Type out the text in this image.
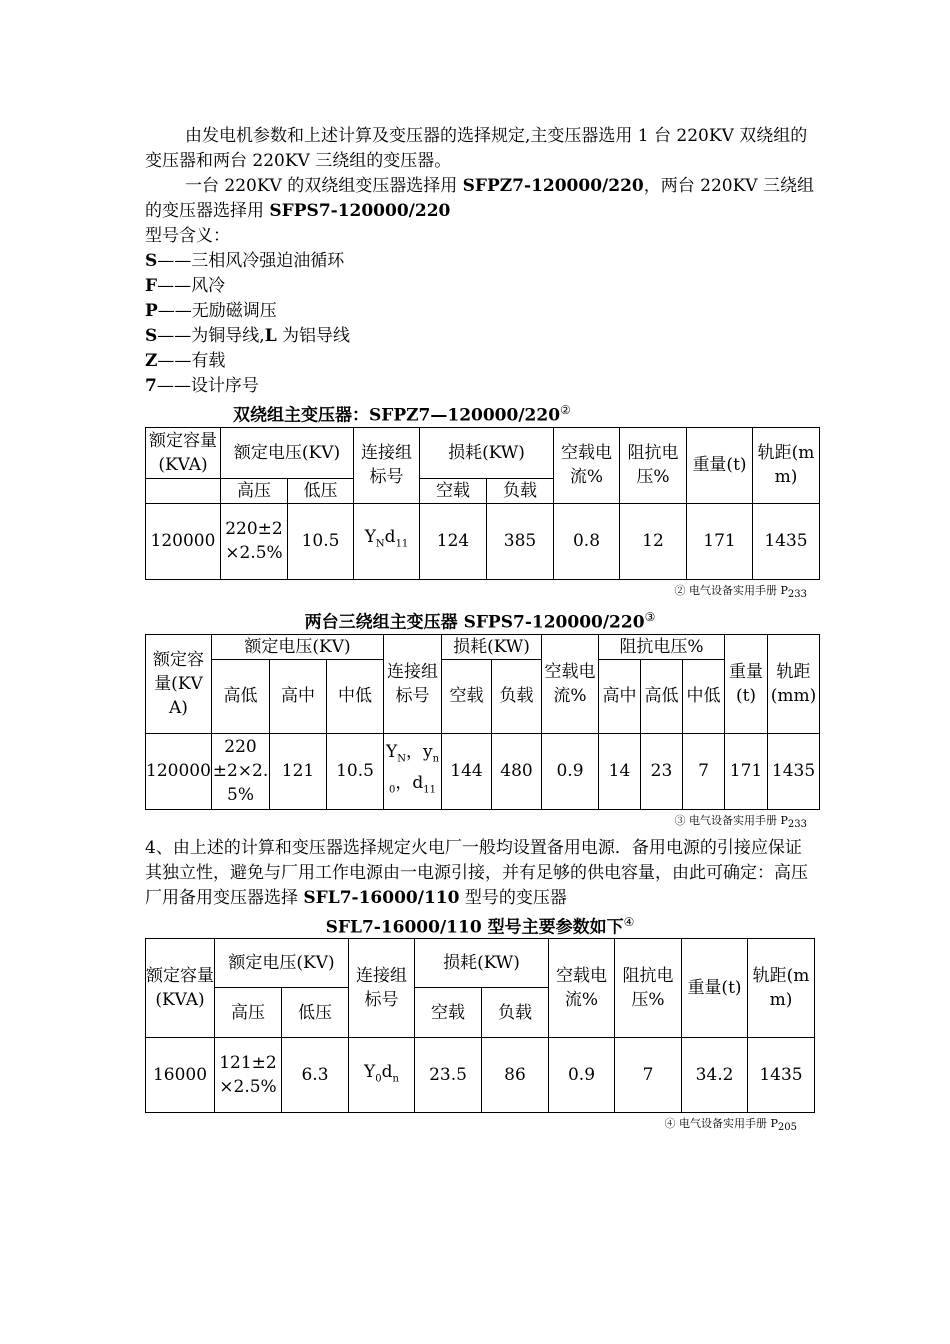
由发电机参数和上述计算及变压器的选择规定,主变压器选用 1 台 220KV 双绕组的变压器和两台 220KV 三绕组的变压器。

一台 220KV 的双绕组变压器选择用 SFPZ7-120000/220，两台 220KV 三绕组的变压器选择用 SFPS7-120000/220

型号含义：

S——三相风冷强迫油循环

F——风冷

P——无励磁调压

S——为铜导线,L 为铝导线

Z——有载

7——设计序号

双绕组主变压器：SFPZ7—120000/220②

额定容量(KVA)	额定电压(KV)		连接组标号	损耗(KW)		空载电流%	阻抗电压%	重量(t)	轨距(mm)

	高压	低压		空载	负载				
120000	220±2×2.5%	10.5	$Y_Nd_{11}$	124	385	0.8	12	171	1435
② 电气设备实用手册 $P_{233}$

两台三绕组主变压器 SFPS7-120000/220③

额定容量(KVA)	额定电压(KV)			连接组标号	损耗(KW)		空载电流%	阻抗电压%			重量(t)	轨距(mm)
	高低	高中	中低		空载	负载		高中	高低	中低		
120000	220±2×2.5%	121	10.5	$Y_N$，$y_{n0}$，$d_{11}$	144	480	0.9	14	23	7	171	1435
③ 电气设备实用手册 $P_{233}$

4、由上述的计算和变压器选择规定火电厂一般均设置备用电源．备用电源的引接应保证其独立性，避免与厂用工作电源由一电源引接，并有足够的供电容量，由此可确定：高压厂用备用变压器选择 SFL7-16000/110 型号的变压器

SFL7-16000/110 型号主要参数如下④

额定容量(KVA)	额定电压(KV)		连接组标号	损耗(KW)		空载电流%	阻抗电压%	重量(t)	轨距(mm)
	高压	低压		空载	负载				
16000	121±2×2.5%	6.3	$Y_0d_n$	23.5	86	0.9	7	34.2	1435
④ 电气设备实用手册 $P_{205}$
